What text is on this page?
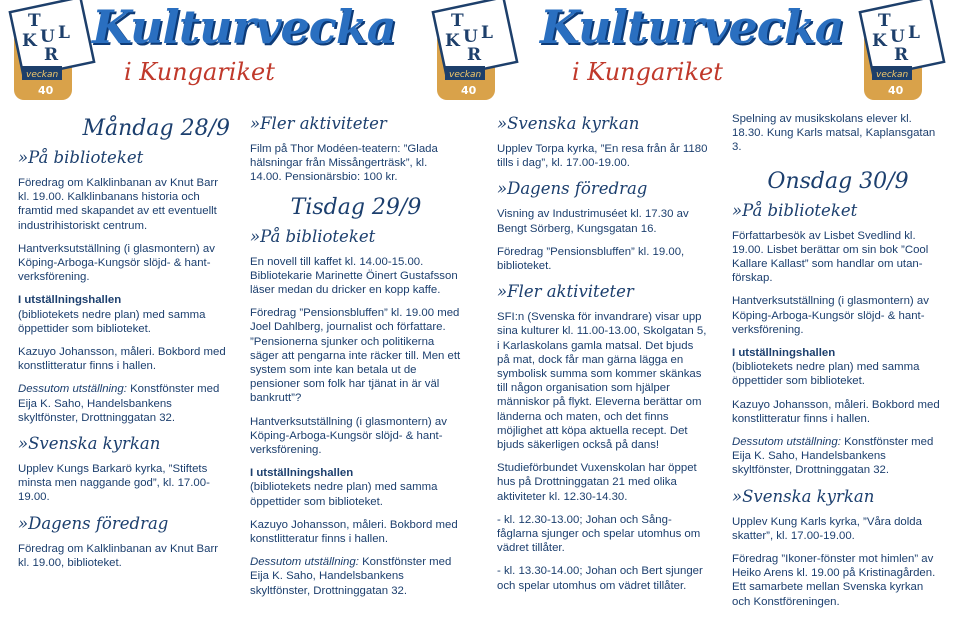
T
K U L
R
veckan
40
Kulturvecka
i Kungariket
T
K U L
R
veckan
40
Kulturvecka
i Kungariket
T
K U L
R
veckan
40
Måndag 28/9
»På biblioteket

Föredrag om Kalklinbanan av Knut Barr kl. 19.00. Kalklinbanans historia och framtid med skapandet av ett eventuellt industrihistoriskt centrum.

Hantverksutställning (i glasmontern) av Köping-Arboga-Kungsör slöjd- & hantverksförening.

I utställningshallen
(bibliotekets nedre plan) med samma öppettider som biblioteket.

Kazuyo Johansson, måleri. Bokbord med konstlitteratur finns i hallen.

Dessutom utställning: Konstfönster med Eija K. Saho, Handelsbankens skyltfönster, Drottninggatan 32.

»Svenska kyrkan

Upplev Kungs Barkarö kyrka, ”Stiftets minsta men naggande god”, kl. 17.00-19.00.

»Dagens föredrag

Föredrag om Kalklinbanan av Knut Barr kl. 19.00, biblioteket.

»Fler aktiviteter

Film på Thor Modéen-teatern: ”Glada hälsningar från Missångerträsk”, kl. 14.00. Pensionärsbio: 100 kr.

Tisdag 29/9
»På biblioteket

En novell till kaffet kl. 14.00-15.00. Bibliotekarie Marinette Öinert Gustafsson läser medan du dricker en kopp kaffe.

Föredrag ”Pensionsbluffen” kl. 19.00 med Joel Dahlberg, journalist och författare. ”Pensionerna sjunker och politikerna säger att pengarna inte räcker till. Men ett system som inte kan betala ut de pensioner som folk har tjänat in är väl bankrutt”?

Hantverksutställning (i glasmontern) av Köping-Arboga-Kungsör slöjd- & hantverksförening.

I utställningshallen
(bibliotekets nedre plan) med samma öppettider som biblioteket.

Kazuyo Johansson, måleri. Bokbord med konstlitteratur finns i hallen.

Dessutom utställning: Konstfönster med Eija K. Saho, Handelsbankens skyltfönster, Drottninggatan 32.

»Svenska kyrkan

Upplev Torpa kyrka, ”En resa från år 1180 tills i dag”, kl. 17.00-19.00.

»Dagens föredrag

Visning av Industrimuséet kl. 17.30 av Bengt Sörberg, Kungsgatan 16.

Föredrag ”Pensionsbluffen” kl. 19.00, biblioteket.

»Fler aktiviteter

SFI:n (Svenska för invandrare) visar upp sina kulturer kl. 11.00-13.00, Skolgatan 5, i Karlaskolans gamla matsal. Det bjuds på mat, dock får man gärna lägga en symbolisk summa som kommer skänkas till någon organisation som hjälper människor på flykt. Eleverna berättar om länderna och maten, och det finns möjlighet att köpa aktuella recept. Det bjuds säkerligen också på dans!

Studieförbundet Vuxenskolan har öppet hus på Drottninggatan 21 med olika aktiviteter kl. 12.30-14.30.

- kl. 12.30-13.00; Johan och Sångfåglarna sjunger och spelar utomhus om vädret tillåter.

- kl. 13.30-14.00; Johan och Bert sjunger och spelar utomhus om vädret tillåter.

Spelning av musikskolans elever kl. 18.30. Kung Karls matsal, Kaplansgatan 3.

Onsdag 30/9
»På biblioteket

Författarbesök av Lisbet Svedlind kl. 19.00. Lisbet berättar om sin bok ”Cool Kallare Kallast” som handlar om utanförskap.

Hantverksutställning (i glasmontern) av Köping-Arboga-Kungsör slöjd- & hantverksförening.

I utställningshallen
(bibliotekets nedre plan) med samma öppettider som biblioteket.

Kazuyo Johansson, måleri. Bokbord med konstlitteratur finns i hallen.

Dessutom utställning: Konstfönster med Eija K. Saho, Handelsbankens skyltfönster, Drottninggatan 32.

»Svenska kyrkan

Upplev Kung Karls kyrka, ”Våra dolda skatter”, kl. 17.00-19.00.

Föredrag ”Ikoner-fönster mot himlen” av Heiko Arens kl. 19.00 på Kristinagården. Ett samarbete mellan Svenska kyrkan och Konstföreningen.
